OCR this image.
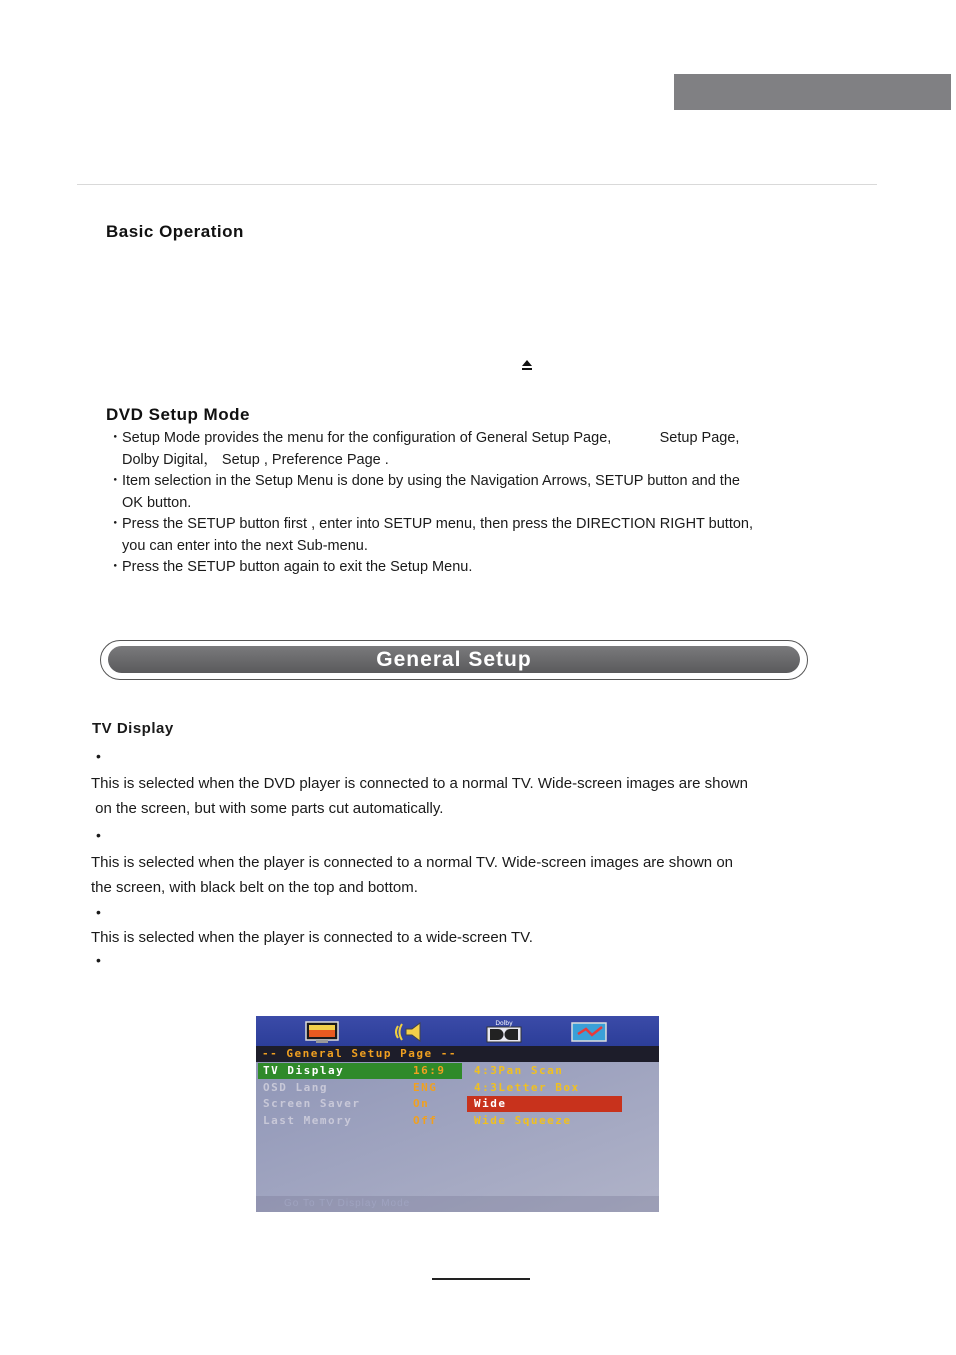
Basic Operation
DVD Setup Mode
・ Setup Mode provides the menu for the configuration of General Setup Page,            Setup Page,
Dolby Digital， Setup , Preference Page .
・ Item selection in the Setup Menu is done by using the Navigation Arrows, SETUP button and the
OK button.
・ Press the SETUP button first , enter into SETUP menu, then press the DIRECTION RIGHT button,
you can enter into the next Sub-menu.
・ Press the SETUP button again to exit the Setup Menu.
General Setup
TV Display
•
This is selected when the DVD player is connected to a normal TV. Wide-screen images are shown
on the screen, but with some parts cut automatically.
•
This is selected when the player is connected to a normal TV. Wide-screen images are shown on
the screen, with black belt on the top and bottom.
•
This is selected when the player is connected to a wide-screen TV.
•
Dolby
-- General Setup Page --
TV Display
OSD Lang
Screen Saver
Last Memory
16:9
ENG
On
Off
4:3Pan Scan
4:3Letter Box
Wide
Wide Squeeze
Go To TV Display Mode
